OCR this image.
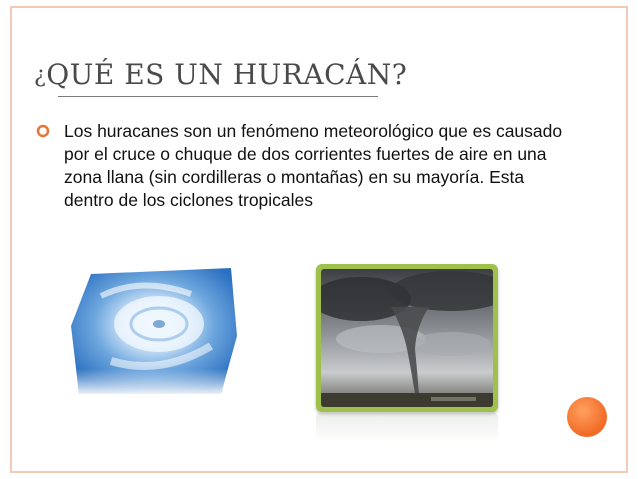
¿QUÉ ES UN HURACÁN?
Los huracanes son un fenómeno meteorológico que es causado por el cruce o chuque de dos corrientes fuertes de aire en una zona llana (sin cordilleras o montañas) en su mayoría. Esta dentro de los ciclones tropicales
